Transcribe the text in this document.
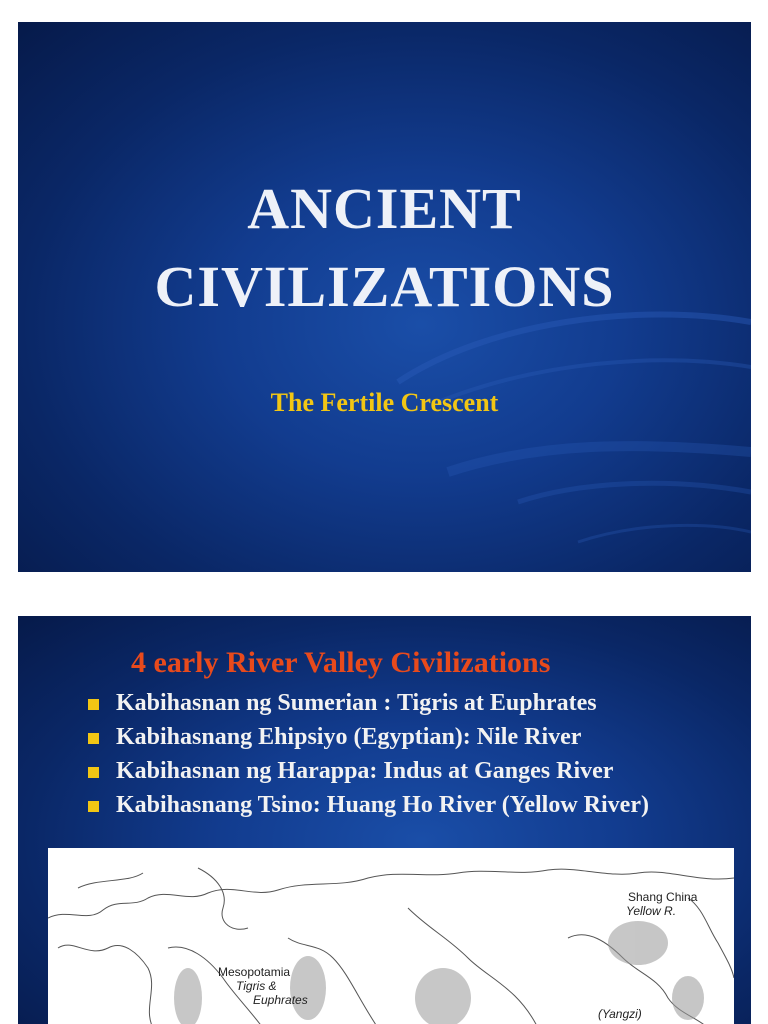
ANCIENT
CIVILIZATIONS
The Fertile Crescent
4 early River Valley Civilizations
Kabihasnan ng Sumerian : Tigris at Euphrates
Kabihasnang Ehipsiyo (Egyptian): Nile River
Kabihasnan ng Harappa: Indus at Ganges River
Kabihasnang Tsino: Huang Ho River (Yellow River)
Shang China
Yellow R.
Mesopotamia
Tigris &
Euphrates
(Yangzi)
